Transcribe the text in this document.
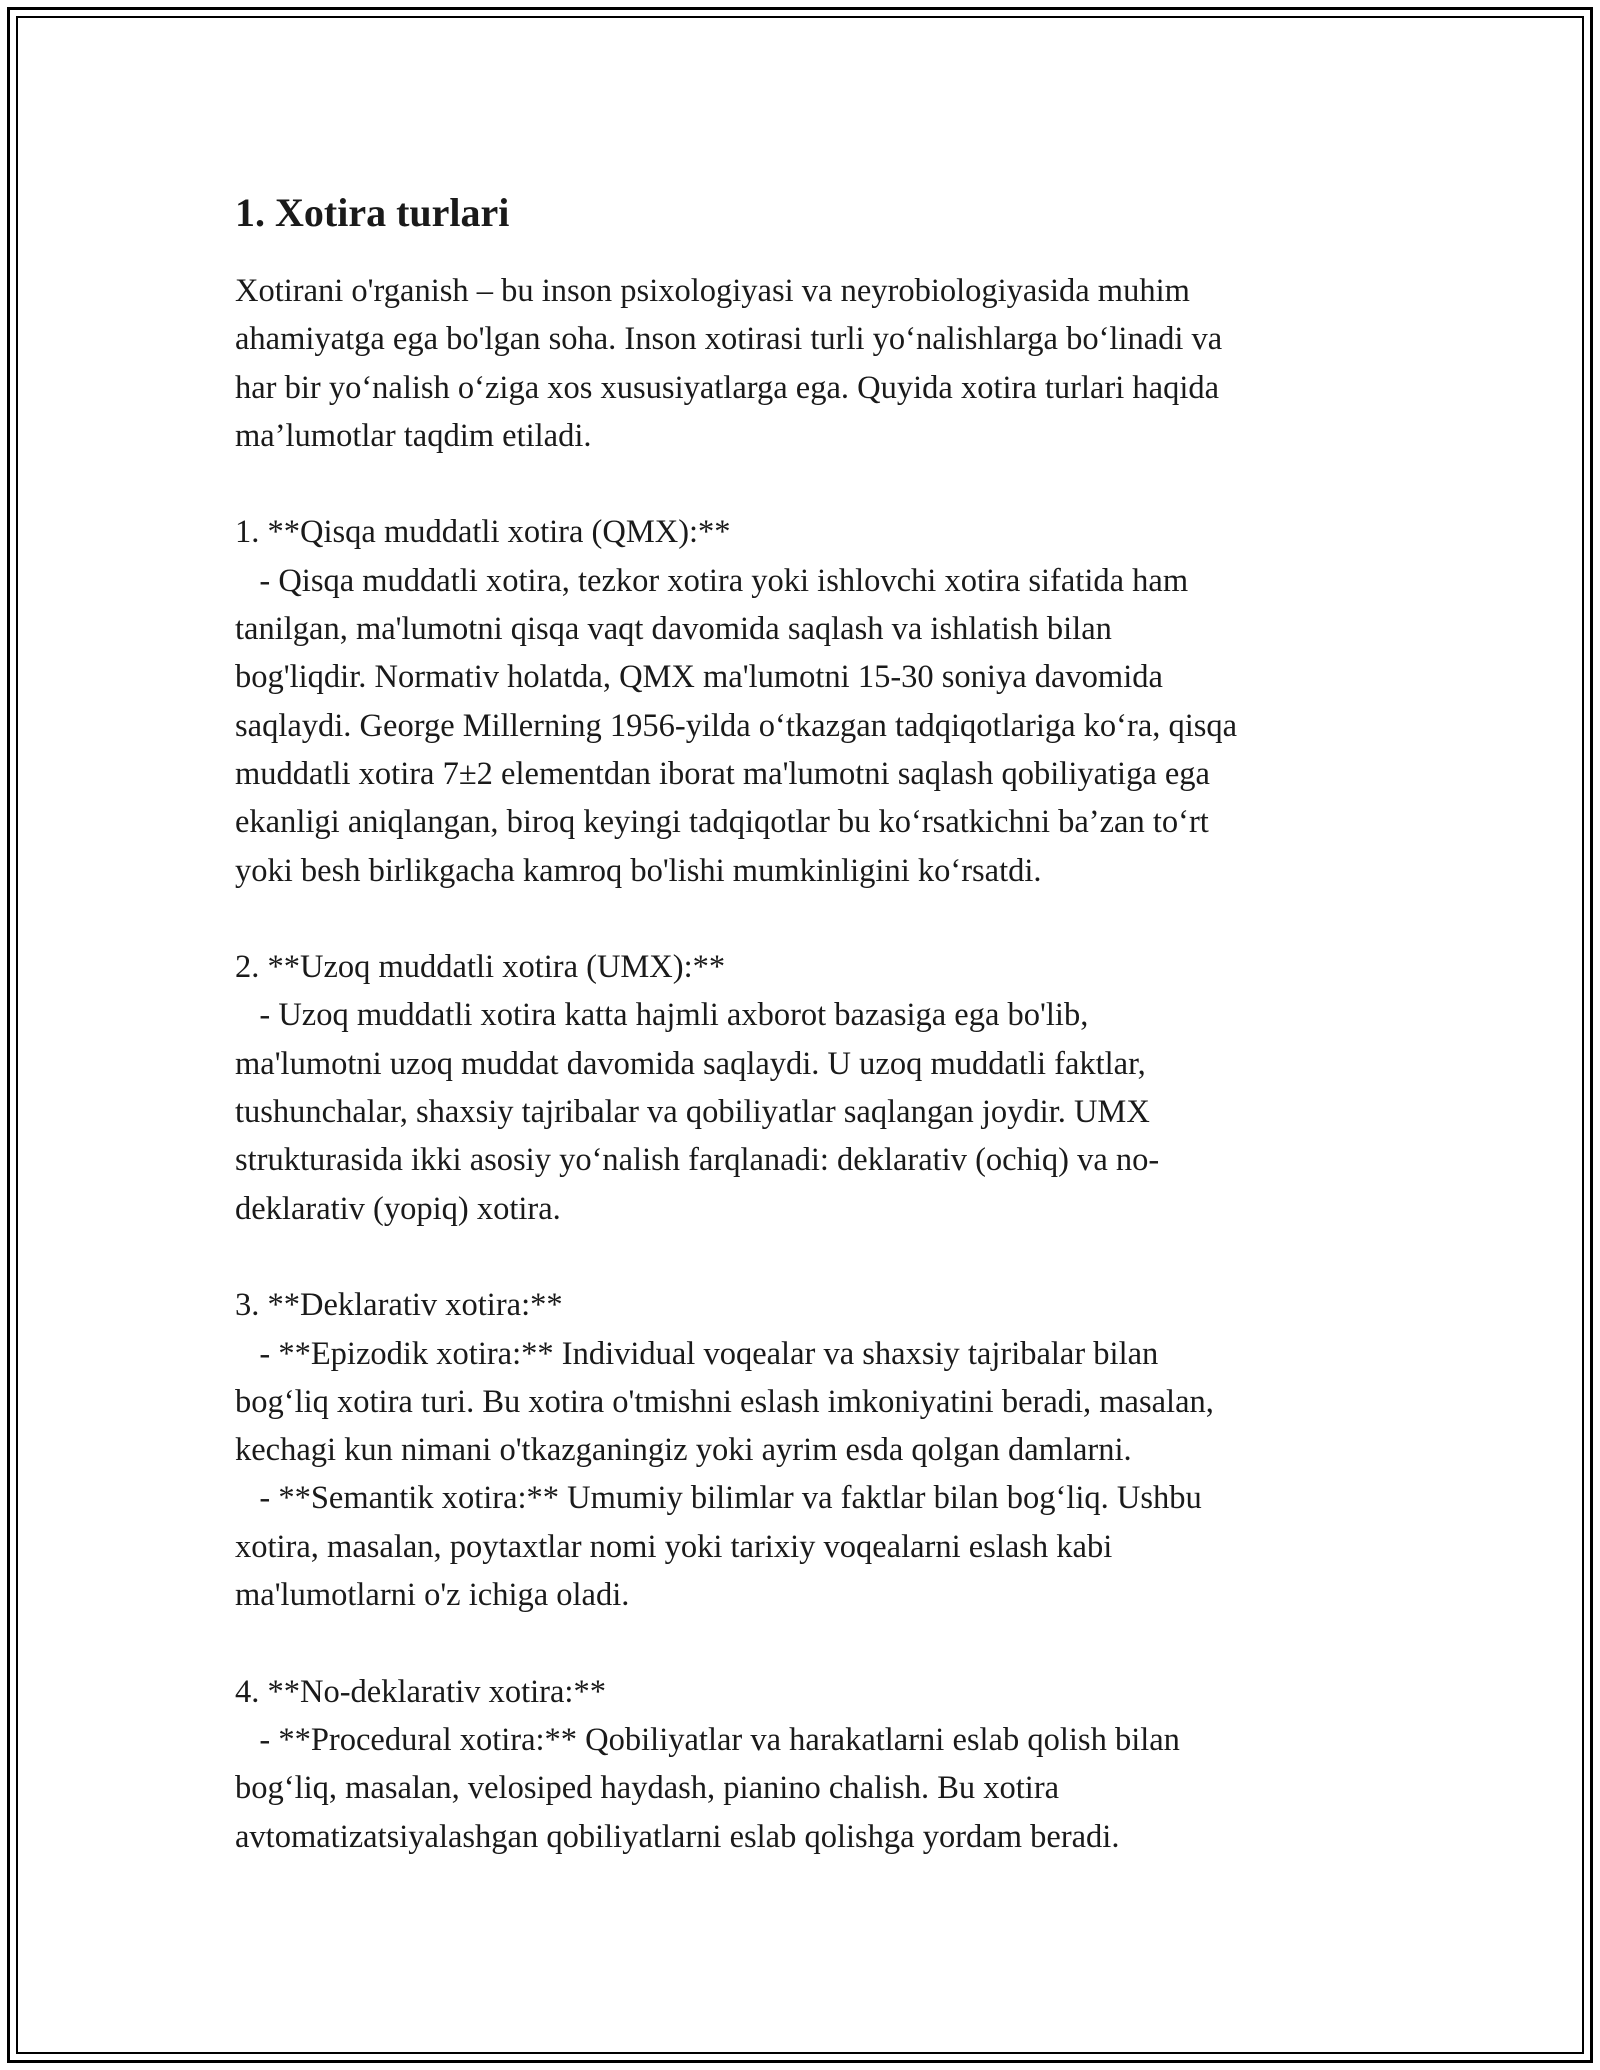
1. Xotira turlari

Xotirani o'rganish – bu inson psixologiyasi va neyrobiologiyasida muhim
ahamiyatga ega bo'lgan soha. Inson xotirasi turli yo‘nalishlarga bo‘linadi va
har bir yo‘nalish o‘ziga xos xususiyatlarga ega. Quyida xotira turlari haqida
ma’lumotlar taqdim etiladi.

1. **Qisqa muddatli xotira (QMX):**
- Qisqa muddatli xotira, tezkor xotira yoki ishlovchi xotira sifatida ham
tanilgan, ma'lumotni qisqa vaqt davomida saqlash va ishlatish bilan
bog'liqdir. Normativ holatda, QMX ma'lumotni 15-30 soniya davomida
saqlaydi. George Millerning 1956-yilda o‘tkazgan tadqiqotlariga ko‘ra, qisqa
muddatli xotira 7±2 elementdan iborat ma'lumotni saqlash qobiliyatiga ega
ekanligi aniqlangan, biroq keyingi tadqiqotlar bu ko‘rsatkichni ba’zan to‘rt
yoki besh birlikgacha kamroq bo'lishi mumkinligini ko‘rsatdi.

2. **Uzoq muddatli xotira (UMX):**
- Uzoq muddatli xotira katta hajmli axborot bazasiga ega bo'lib,
ma'lumotni uzoq muddat davomida saqlaydi. U uzoq muddatli faktlar,
tushunchalar, shaxsiy tajribalar va qobiliyatlar saqlangan joydir. UMX
strukturasida ikki asosiy yo‘nalish farqlanadi: deklarativ (ochiq) va no-
deklarativ (yopiq) xotira.

3. **Deklarativ xotira:**
- **Epizodik xotira:** Individual voqealar va shaxsiy tajribalar bilan
bog‘liq xotira turi. Bu xotira o'tmishni eslash imkoniyatini beradi, masalan,
kechagi kun nimani o'tkazganingiz yoki ayrim esda qolgan damlarni.
- **Semantik xotira:** Umumiy bilimlar va faktlar bilan bog‘liq. Ushbu
xotira, masalan, poytaxtlar nomi yoki tarixiy voqealarni eslash kabi
ma'lumotlarni o'z ichiga oladi.

4. **No-deklarativ xotira:**
- **Procedural xotira:** Qobiliyatlar va harakatlarni eslab qolish bilan
bog‘liq, masalan, velosiped haydash, pianino chalish. Bu xotira
avtomatizatsiyalashgan qobiliyatlarni eslab qolishga yordam beradi.
